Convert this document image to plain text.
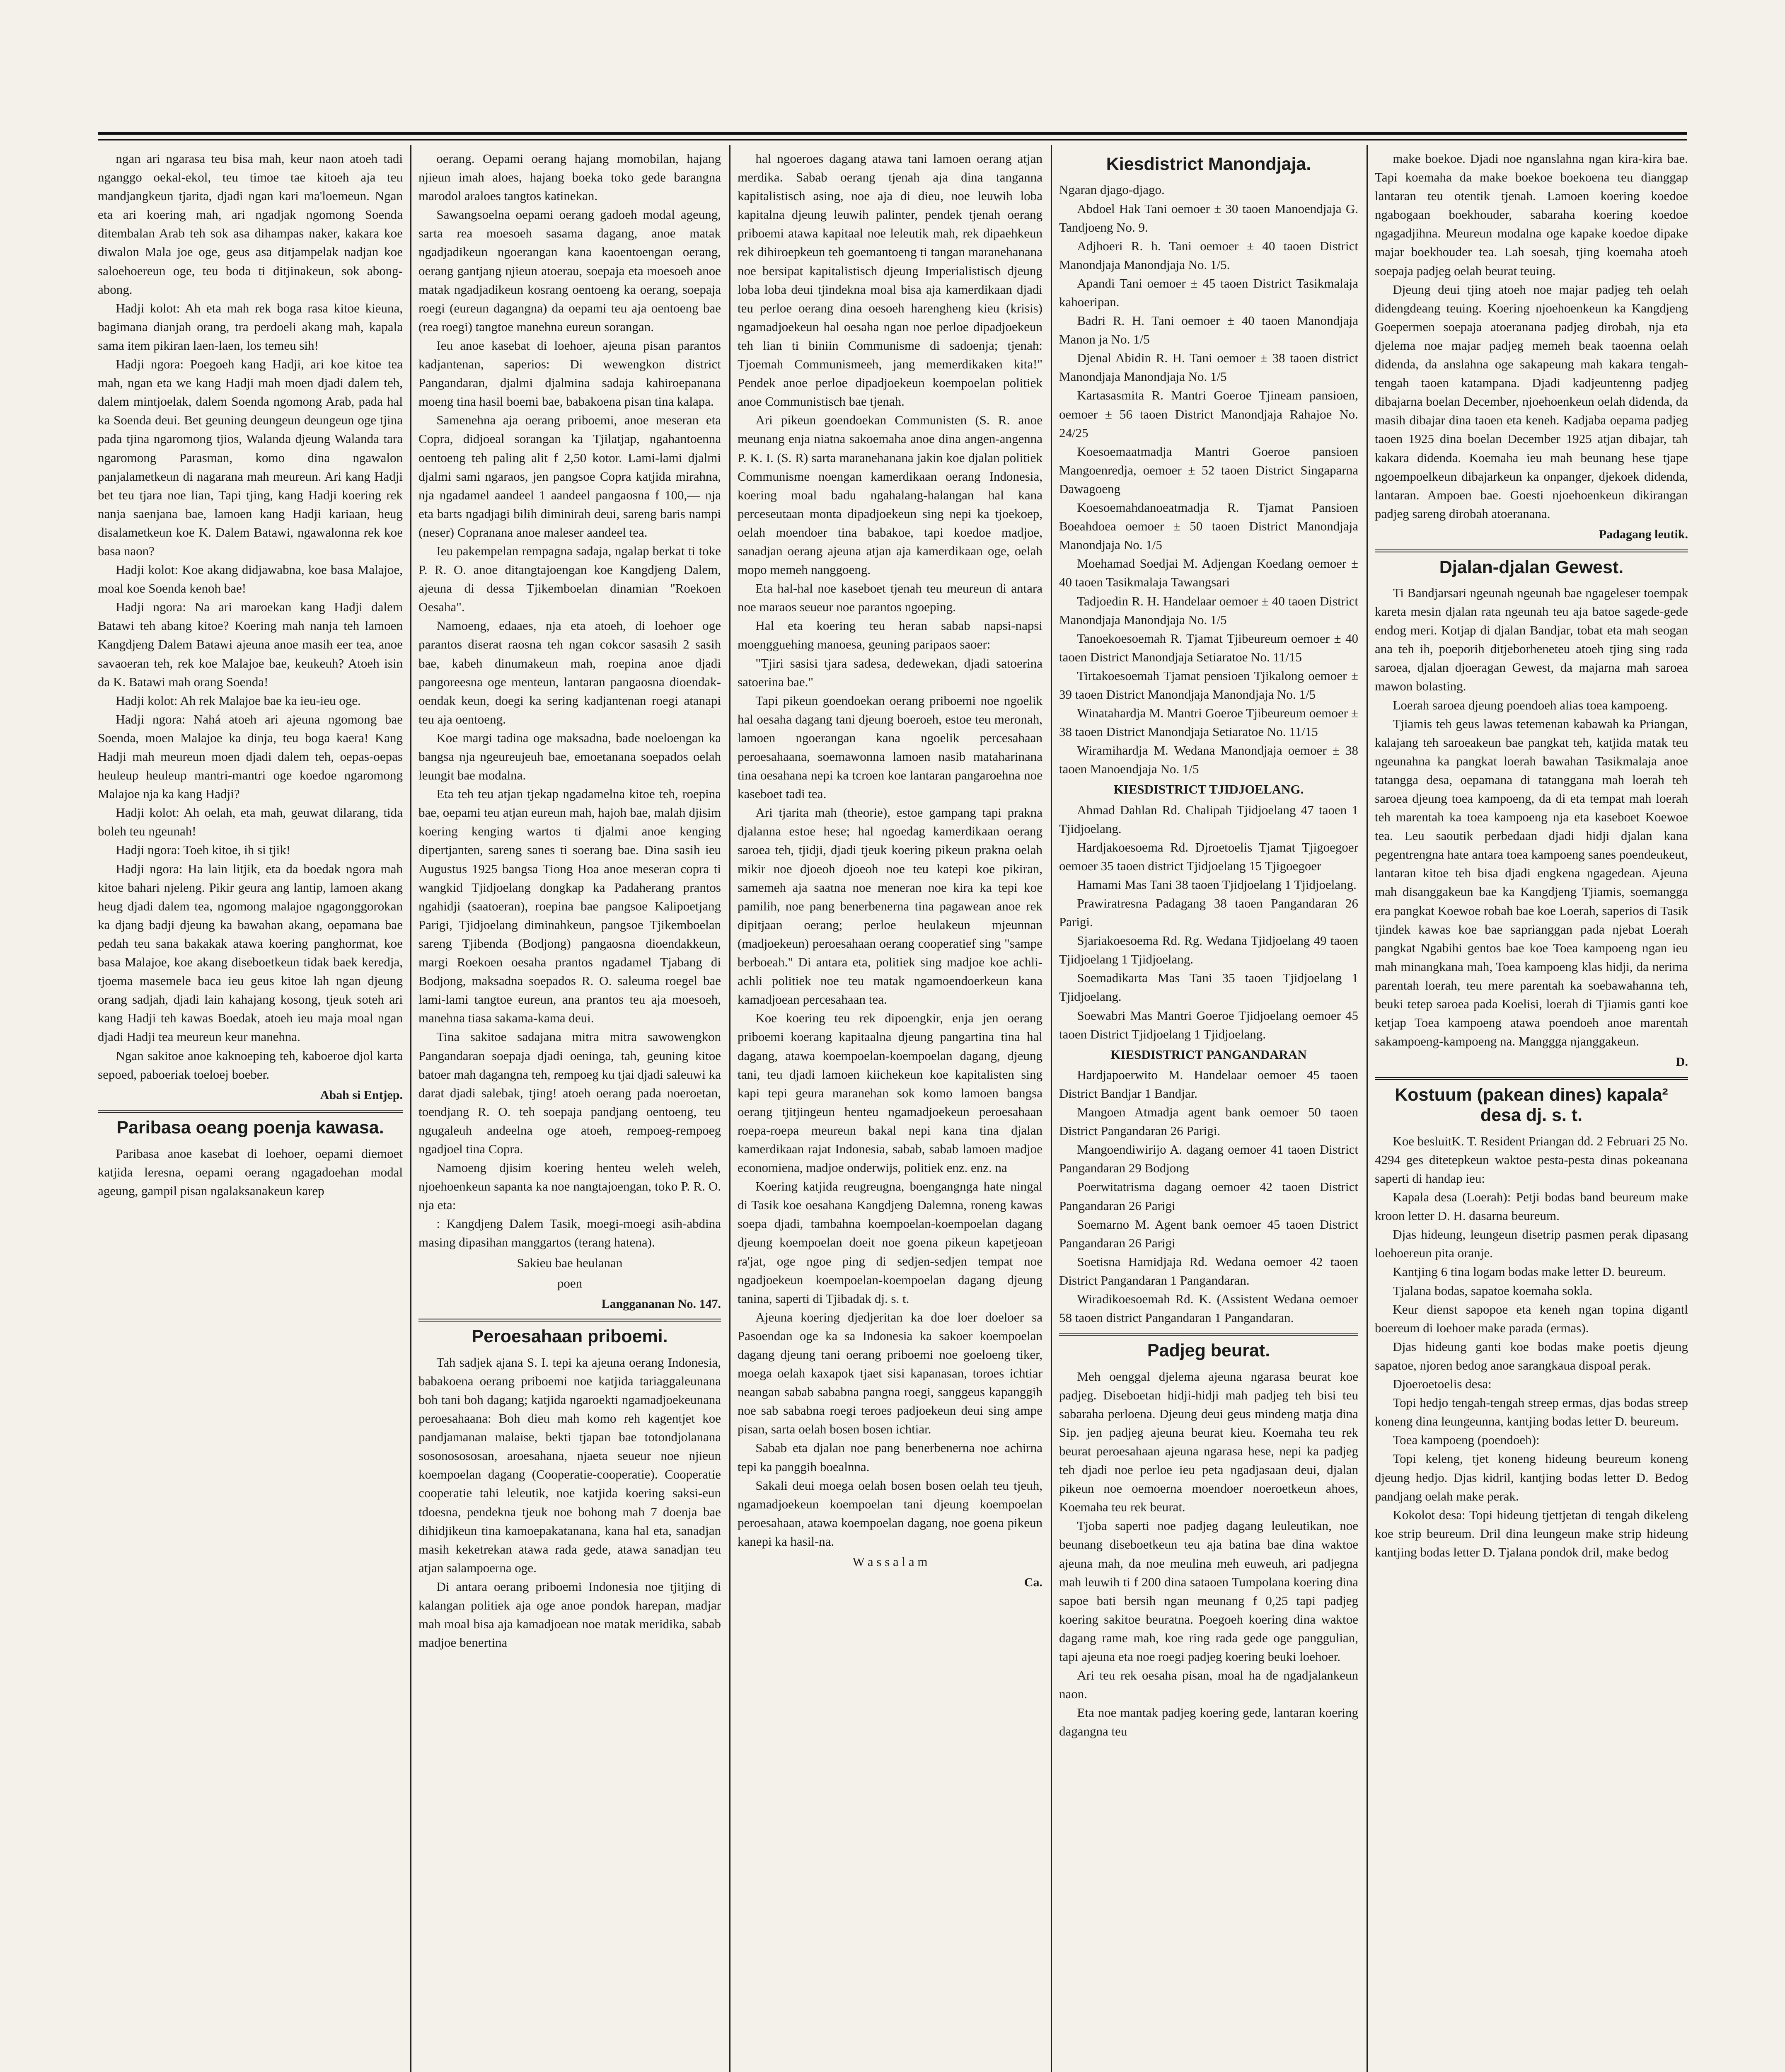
ngan ari ngarasa teu bisa mah, keur naon atoeh tadi nganggo oekal-ekol, teu timoe tae kitoeh aja teu mandjangkeun tjarita, djadi ngan kari ma'loemeun. Ngan eta ari koering mah, ari ngadjak ngomong Soenda ditembalan Arab teh sok asa dihampas naker, kakara koe diwalon Mala joe oge, geus asa ditjampelak nadjan koe saloehoereun oge, teu boda ti ditjinakeun, sok abong-abong.

Hadji kolot: Ah eta mah rek boga rasa kitoe kieuna, bagimana dianjah orang, tra perdoeli akang mah, kapala sama item pikiran laen-laen, los temeu sih!

Hadji ngora: Poegoeh kang Hadji, ari koe kitoe tea mah, ngan eta we kang Hadji mah moen djadi dalem teh, dalem mintjoelak, dalem Soenda ngomong Arab, pada hal ka Soenda deui. Bet geuning deungeun deungeun oge tjina pada tjina ngaromong tjios, Walanda djeung Walanda tara ngaromong Parasman, komo dina ngawalon panjalametkeun di nagarana mah meureun. Ari kang Hadji bet teu tjara noe lian, Tapi tjing, kang Hadji koering rek nanja saenjana bae, lamoen kang Hadji kariaan, heug disalametkeun koe K. Dalem Batawi, ngawalonna rek koe basa naon?

Hadji kolot: Koe akang didjawabna, koe basa Malajoe, moal koe Soenda kenoh bae!

Hadji ngora: Na ari maroekan kang Hadji dalem Batawi teh abang kitoe? Koering mah nanja teh lamoen Kangdjeng Dalem Batawi ajeuna anoe masih eer tea, anoe savaoeran teh, rek koe Malajoe bae, keukeuh? Atoeh isin da K. Batawi mah orang Soenda!

Hadji kolot: Ah rek Malajoe bae ka ieu-ieu oge.

Hadji ngora: Nahá atoeh ari ajeuna ngomong bae Soenda, moen Malajoe ka dinja, teu boga kaera! Kang Hadji mah meureun moen djadi dalem teh, oepas-oepas heuleup heuleup mantri-mantri oge koedoe ngaromong Malajoe nja ka kang Hadji?

Hadji kolot: Ah oelah, eta mah, geuwat dilarang, tida boleh teu ngeunah!

Hadji ngora: Toeh kitoe, ih si tjik!

Hadji ngora: Ha lain litjik, eta da boedak ngora mah kitoe bahari njeleng. Pikir geura ang lantip, lamoen akang heug djadi dalem tea, ngomong malajoe ngagonggorokan ka djang badji djeung ka bawahan akang, oepamana bae pedah teu sana bakakak atawa koering panghormat, koe basa Malajoe, koe akang diseboetkeun tidak baek keredja, tjoema masemele baca ieu geus kitoe lah ngan djeung orang sadjah, djadi lain kahajang kosong, tjeuk soteh ari kang Hadji teh kawas Boedak, atoeh ieu maja moal ngan djadi Hadji tea meureun keur manehna.

Ngan sakitoe anoe kaknoeping teh, kaboeroe djol karta sepoed, paboeriak toeloej boeber.

Abah si Entjep.
Paribasa oeang poenja kawasa.

Paribasa anoe kasebat di loehoer, oepami diemoet katjida leresna, oepami oerang ngagadoehan modal ageung, gampil pisan ngalaksanakeun karep

oerang. Oepami oerang hajang momobilan, hajang njieun imah aloes, hajang boeka toko gede barangna marodol araloes tangtos katinekan.

Sawangsoelna oepami oerang gadoeh modal ageung, sarta rea moesoeh sasama dagang, anoe matak ngadjadikeun ngoerangan kana kaoentoengan oerang, oerang gantjang njieun atoerau, soepaja eta moesoeh anoe matak ngadjadikeun kosrang oentoeng ka oerang, soepaja roegi (eureun dagangna) da oepami teu aja oentoeng bae (rea roegi) tangtoe manehna eureun sorangan.

Ieu anoe kasebat di loehoer, ajeuna pisan parantos kadjantenan, saperios: Di wewengkon district Pangandaran, djalmi djalmina sadaja kahiroepanana moeng tina hasil boemi bae, babakoena pisan tina kalapa.

Samenehna aja oerang priboemi, anoe meseran eta Copra, didjoeal sorangan ka Tjilatjap, ngahantoenna oentoeng teh paling alit f 2,50 kotor. Lami-lami djalmi djalmi sami ngaraos, jen pangsoe Copra katjida mirahna, nja ngadamel aandeel 1 aandeel pangaosna f 100,— nja eta barts ngadjagi bilih diminirah deui, sareng baris nampi (neser) Copranana anoe maleser aandeel tea.

Ieu pakempelan rempagna sadaja, ngalap berkat ti toke P. R. O. anoe ditangtajoengan koe Kangdjeng Dalem, ajeuna di dessa Tjikemboelan dinamian "Roekoen Oesaha".

Namoeng, edaaes, nja eta atoeh, di loehoer oge parantos diserat raosna teh ngan cokcor sasasih 2 sasih bae, kabeh dinumakeun mah, roepina anoe djadi pangoreesna oge menteun, lantaran pangaosna dioendak-oendak keun, doegi ka sering kadjantenan roegi atanapi teu aja oentoeng.

Koe margi tadina oge maksadna, bade noeloengan ka bangsa nja ngeureujeuh bae, emoetanana soepados oelah leungit bae modalna.

Eta teh teu atjan tjekap ngadamelna kitoe teh, roepina bae, oepami teu atjan eureun mah, hajoh bae, malah djisim koering kenging wartos ti djalmi anoe kenging dipertjanten, sareng sanes ti soerang bae. Dina sasih ieu Augustus 1925 bangsa Tiong Hoa anoe meseran copra ti wangkid Tjidjoelang dongkap ka Padaherang prantos ngahidji (saatoeran), roepina bae pangsoe Kalipoetjang Parigi, Tjidjoelang diminahkeun, pangsoe Tjikemboelan sareng Tjibenda (Bodjong) pangaosna dioendakkeun, margi Roekoen oesaha prantos ngadamel Tjabang di Bodjong, maksadna soepados R. O. saleuma roegel bae lami-lami tangtoe eureun, ana prantos teu aja moesoeh, manehna tiasa sakama-kama deui.

Tina sakitoe sadajana mitra mitra sawowengkon Pangandaran soepaja djadi oeninga, tah, geuning kitoe batoer mah dagangna teh, rempoeg ku tjai djadi saleuwi ka darat djadi salebak, tjing! atoeh oerang pada noeroetan, toendjang R. O. teh soepaja pandjang oentoeng, teu ngugaleuh andeelna oge atoeh, rempoeg-rempoeg ngadjoel tina Copra.

Namoeng djisim koering henteu weleh weleh, njoehoenkeun sapanta ka noe nangtajoengan, toko P. R. O. nja eta:

: Kangdjeng Dalem Tasik, moegi-moegi asih-abdina masing dipasihan manggartos (terang hatena).

Sakieu bae heulanan
poen
Langgananan No. 147.
Peroesahaan priboemi.

Tah sadjek ajana S. I. tepi ka ajeuna oerang Indonesia, babakoena oerang priboemi noe katjida tariaggaleunana boh tani boh dagang; katjida ngaroekti ngamadjoekeunana peroesahaana: Boh dieu mah komo reh kagentjet koe pandjamanan malaise, bekti tjapan bae totondjolanana sosonosososan, aroesahana, njaeta seueur noe njieun koempoelan dagang (Cooperatie-cooperatie). Cooperatie cooperatie tahi leleutik, noe katjida koering saksi-eun tdoesna, pendekna tjeuk noe bohong mah 7 doenja bae dihidjikeun tina kamoepakatanana, kana hal eta, sanadjan masih keketrekan atawa rada gede, atawa sanadjan teu atjan salampoerna oge.

Di antara oerang priboemi Indonesia noe tjitjing di kalangan politiek aja oge anoe pondok harepan, madjar mah moal bisa aja kamadjoean noe matak meridika, sabab madjoe benertina

hal ngoeroes dagang atawa tani lamoen oerang atjan merdika. Sabab oerang tjenah aja dina tanganna kapitalistisch asing, noe aja di dieu, noe leuwih loba kapitalna djeung leuwih palinter, pendek tjenah oerang priboemi atawa kapitaal noe leleutik mah, rek dipaehkeun rek dihiroepkeun teh goemantoeng ti tangan maranehanana noe bersipat kapitalistisch djeung Imperialistisch djeung loba loba deui tjindekna moal bisa aja kamerdikaan djadi teu perloe oerang dina oesoeh harengheng kieu (krisis) ngamadjoekeun hal oesaha ngan noe perloe dipadjoekeun teh lian ti biniin Communisme di sadoenja; tjenah: Tjoemah Communismeeh, jang memerdikaken kita!" Pendek anoe perloe dipadjoekeun koempoelan politiek anoe Communistisch bae tjenah.

Ari pikeun goendoekan Communisten (S. R. anoe meunang enja niatna sakoemaha anoe dina angen-angenna P. K. I. (S. R) sarta maranehanana jakin koe djalan politiek Communisme noengan kamerdikaan oerang Indonesia, koering moal badu ngahalang-halangan hal kana perceseutaan monta dipadjoekeun sing nepi ka tjoekoep, oelah moendoer tina babakoe, tapi koedoe madjoe, sanadjan oerang ajeuna atjan aja kamerdikaan oge, oelah mopo memeh nanggoeng.

Eta hal-hal noe kaseboet tjenah teu meureun di antara noe maraos seueur noe parantos ngoeping.

Hal eta koering teu heran sabab napsi-napsi moengguehing manoesa, geuning paripaos saoer:

"Tjiri sasisi tjara sadesa, dedewekan, djadi satoerina satoerina bae."

Tapi pikeun goendoekan oerang priboemi noe ngoelik hal oesaha dagang tani djeung boeroeh, estoe teu meronah, lamoen ngoerangan kana ngoelik percesahaan peroesahaana, soemawonna lamoen nasib mataharinana tina oesahana nepi ka tcroen koe lantaran pangaroehna noe kaseboet tadi tea.

Ari tjarita mah (theorie), estoe gampang tapi prakna djalanna estoe hese; hal ngoedag kamerdikaan oerang saroea teh, tjidji, djadi tjeuk koering pikeun prakna oelah mikir noe djoeoh djoeoh noe teu katepi koe pikiran, samemeh aja saatna noe meneran noe kira ka tepi koe pamilih, noe pang benerbenerna tina pagawean anoe rek dipitjaan oerang; perloe heulakeun mjeunnan (madjoekeun) peroesahaan oerang cooperatief sing "sampe berboeah." Di antara eta, politiek sing madjoe koe achli-achli politiek noe teu matak ngamoendoerkeun kana kamadjoean percesahaan tea.

Koe koering teu rek dipoengkir, enja jen oerang priboemi koerang kapitaalna djeung pangartina tina hal dagang, atawa koempoelan-koempoelan dagang, djeung tani, teu djadi lamoen kiichekeun koe kapitalisten sing kapi tepi geura maranehan sok komo lamoen bangsa oerang tjitjingeun henteu ngamadjoekeun peroesahaan roepa-roepa meureun bakal nepi kana tina djalan kamerdikaan rajat Indonesia, sabab, sabab lamoen madjoe economiena, madjoe onderwijs, politiek enz. enz. na

Koering katjida reugreugna, boengangnga hate ningal di Tasik koe oesahana Kangdjeng Dalemna, roneng kawas soepa djadi, tambahna koempoelan-koempoelan dagang djeung koempoelan doeit noe goena pikeun kapetjeoan ra'jat, oge ngoe ping di sedjen-sedjen tempat noe ngadjoekeun koempoelan-koempoelan dagang djeung tanina, saperti di Tjibadak dj. s. t.

Ajeuna koering djedjeritan ka doe loer doeloer sa Pasoendan oge ka sa Indonesia ka sakoer koempoelan dagang djeung tani oerang priboemi noe goeloeng tiker, moega oelah kaxapok tjaet sisi kapanasan, toroes ichtiar neangan sabab sababna pangna roegi, sanggeus kapanggih noe sab sababna roegi teroes padjoekeun deui sing ampe pisan, sarta oelah bosen bosen ichtiar.

Sabab eta djalan noe pang benerbenerna noe achirna tepi ka panggih boealnna.

Sakali deui moega oelah bosen bosen oelah teu tjeuh, ngamadjoekeun koempoelan tani djeung koempoelan peroesahaan, atawa koempoelan dagang, noe goena pikeun kanepi ka hasil-na.

W a s s a l a m
Ca.
Kiesdistrict Manondjaja.

Ngaran djago-djago.

Abdoel Hak Tani oemoer ± 30 taoen Manoendjaja G. Tandjoeng No. 9.

Adjhoeri R. h. Tani oemoer ± 40 taoen District Manondjaja Manondjaja No. 1/5.

Apandi Tani oemoer ± 45 taoen District Tasikmalaja kahoeripan.

Badri R. H. Tani oemoer ± 40 taoen Manondjaja Manon ja No. 1/5

Djenal Abidin R. H. Tani oemoer ± 38 taoen district Manondjaja Manondjaja No. 1/5

Kartasasmita R. Mantri Goeroe Tjineam pansioen, oemoer ± 56 taoen District Manondjaja Rahajoe No. 24/25

Koesoemaatmadja Mantri Goeroe pansioen Mangoenredja, oemoer ± 52 taoen District Singaparna Dawagoeng

Koesoemahdanoeatmadja R. Tjamat Pansioen Boeahdoea oemoer ± 50 taoen District Manondjaja Manondjaja No. 1/5

Moehamad Soedjai M. Adjengan Koedang oemoer ± 40 taoen Tasikmalaja Tawangsari

Tadjoedin R. H. Handelaar oemoer ± 40 taoen District Manondjaja Manondjaja No. 1/5

Tanoekoesoemah R. Tjamat Tjibeureum oemoer ± 40 taoen District Manondjaja Setiaratoe No. 11/15

Tirtakoesoemah Tjamat pensioen Tjikalong oemoer ± 39 taoen District Manondjaja Manondjaja No. 1/5

Winatahardja M. Mantri Goeroe Tjibeureum oemoer ± 38 taoen District Manondjaja Setiaratoe No. 11/15

Wiramihardja M. Wedana Manondjaja oemoer ± 38 taoen Manoendjaja No. 1/5

KIESDISTRICT TJIDJOELANG.

Ahmad Dahlan Rd. Chalipah Tjidjoelang 47 taoen 1 Tjidjoelang.

Hardjakoesoema Rd. Djroetoelis Tjamat Tjigoegoer oemoer 35 taoen district Tjidjoelang 15 Tjigoegoer

Hamami Mas Tani 38 taoen Tjidjoelang 1 Tjidjoelang.

Prawiratresna Padagang 38 taoen Pangandaran 26 Parigi.

Sjariakoesoema Rd. Rg. Wedana Tjidjoelang 49 taoen Tjidjoelang 1 Tjidjoelang.

Soemadikarta Mas Tani 35 taoen Tjidjoelang 1 Tjidjoelang.

Soewabri Mas Mantri Goeroe Tjidjoelang oemoer 45 taoen District Tjidjoelang 1 Tjidjoelang.

KIESDISTRICT PANGANDARAN

Hardjapoerwito M. Handelaar oemoer 45 taoen District Bandjar 1 Bandjar.

Mangoen Atmadja agent bank oemoer 50 taoen District Pangandaran 26 Parigi.

Mangoendiwirijo A. dagang oemoer 41 taoen District Pangandaran 29 Bodjong

Poerwitatrisma dagang oemoer 42 taoen District Pangandaran 26 Parigi

Soemarno M. Agent bank oemoer 45 taoen District Pangandaran 26 Parigi

Soetisna Hamidjaja Rd. Wedana oemoer 42 taoen District Pangandaran 1 Pangandaran.

Wiradikoesoemah Rd. K. (Assistent Wedana oemoer 58 taoen district Pangandaran 1 Pangandaran.

Padjeg beurat.

Meh oenggal djelema ajeuna ngarasa beurat koe padjeg. Diseboetan hidji-hidji mah padjeg teh bisi teu sabaraha perloena. Djeung deui geus mindeng matja dina Sip. jen padjeg ajeuna beurat kieu. Koemaha teu rek beurat peroesahaan ajeuna ngarasa hese, nepi ka padjeg teh djadi noe perloe ieu peta ngadjasaan deui, djalan pikeun noe oemoerna moendoer noeroetkeun ahoes, Koemaha teu rek beurat.

Tjoba saperti noe padjeg dagang leuleutikan, noe beunang diseboetkeun teu aja batina bae dina waktoe ajeuna mah, da noe meulina meh euweuh, ari padjegna mah leuwih ti f 200 dina sataoen Tumpolana koering dina sapoe bati bersih ngan meunang f 0,25 tapi padjeg koering sakitoe beuratna. Poegoeh koering dina waktoe dagang rame mah, koe ring rada gede oge panggulian, tapi ajeuna eta noe roegi padjeg koering beuki loehoer.

Ari teu rek oesaha pisan, moal ha de ngadjalankeun naon.

Eta noe mantak padjeg koering gede, lantaran koering dagangna teu

make boekoe. Djadi noe nganslahna ngan kira-kira bae. Tapi koemaha da make boekoe boekoena teu dianggap lantaran teu otentik tjenah. Lamoen koering koedoe ngabogaan boekhouder, sabaraha koering koedoe ngagadjihna. Meureun modalna oge kapake koedoe dipake majar boekhouder tea. Lah soesah, tjing koemaha atoeh soepaja padjeg oelah beurat teuing.

Djeung deui tjing atoeh noe majar padjeg teh oelah didengdeang teuing. Koering njoehoenkeun ka Kangdjeng Goepermen soepaja atoeranana padjeg dirobah, nja eta djelema noe majar padjeg memeh beak taoenna oelah didenda, da anslahna oge sakapeung mah kakara tengah-tengah taoen katampana. Djadi kadjeuntenng padjeg dibajarna boelan December, njoehoenkeun oelah didenda, da masih dibajar dina taoen eta keneh. Kadjaba oepama padjeg taoen 1925 dina boelan December 1925 atjan dibajar, tah kakara didenda. Koemaha ieu mah beunang hese tjape ngoempoelkeun dibajarkeun ka onpanger, djekoek didenda, lantaran. Ampoen bae. Goesti njoehoenkeun dikirangan padjeg sareng dirobah atoeranana.

Padagang leutik.
Djalan-djalan Gewest.

Ti Bandjarsari ngeunah ngeunah bae ngageleser toempak kareta mesin djalan rata ngeunah teu aja batoe sagede-gede endog meri. Kotjap di djalan Bandjar, tobat eta mah seogan ana teh ih, poeporih ditjeborheneteu atoeh tjing sing rada saroea, djalan djoeragan Gewest, da majarna mah saroea mawon bolasting.

Loerah saroea djeung poendoeh alias toea kampoeng.

Tjiamis teh geus lawas tetemenan kabawah ka Priangan, kalajang teh saroeakeun bae pangkat teh, katjida matak teu ngeunahna ka pangkat loerah bawahan Tasikmalaja anoe tatangga desa, oepamana di tatanggana mah loerah teh saroea djeung toea kampoeng, da di eta tempat mah loerah teh marentah ka toea kampoeng nja eta kaseboet Koewoe tea. Leu saoutik perbedaan djadi hidji djalan kana pegentrengna hate antara toea kampoeng sanes poendeukeut, lantaran kitoe teh bisa djadi engkena ngagedean. Ajeuna mah disanggakeun bae ka Kangdjeng Tjiamis, soemangga era pangkat Koewoe robah bae koe Loerah, saperios di Tasik tjindek kawas koe bae saprianggan pada njebat Loerah pangkat Ngabihi gentos bae koe Toea kampoeng ngan ieu mah minangkana mah, Toea kampoeng klas hidji, da nerima parentah loerah, teu mere parentah ka soebawahanna teh, beuki tetep saroea pada Koelisi, loerah di Tjiamis ganti koe ketjap Toea kampoeng atawa poendoeh anoe marentah sakampoeng-kampoeng na. Manggga njanggakeun.

D.
Kostuum (pakean dines) kapala² desa dj. s. t.

Koe besluitK. T. Resident Priangan dd. 2 Februari 25 No. 4294 ges ditetepkeun waktoe pesta-pesta dinas pokeanana saperti di handap ieu:

Kapala desa (Loerah): Petji bodas band beureum make kroon letter D. H. dasarna beureum.

Djas hideung, leungeun disetrip pasmen perak dipasang loehoereun pita oranje.

Kantjing 6 tina logam bodas make letter D. beureum.

Tjalana bodas, sapatoe koemaha sokla.

Keur dienst sapopoe eta keneh ngan topina digantl boereum di loehoer make parada (ermas).

Djas hideung ganti koe bodas make poetis djeung sapatoe, njoren bedog anoe sarangkaua dispoal perak.

Djoeroetoelis desa:

Topi hedjo tengah-tengah streep ermas, djas bodas streep koneng dina leungeunna, kantjing bodas letter D. beureum.

Toea kampoeng (poendoeh):

Topi keleng, tjet koneng hideung beureum koneng djeung hedjo. Djas kidril, kantjing bodas letter D. Bedog pandjang oelah make perak.

Kokolot desa: Topi hideung tjettjetan di tengah dikeleng koe strip beureum. Dril dina leungeun make strip hideung kantjing bodas letter D. Tjalana pondok dril, make bedog
